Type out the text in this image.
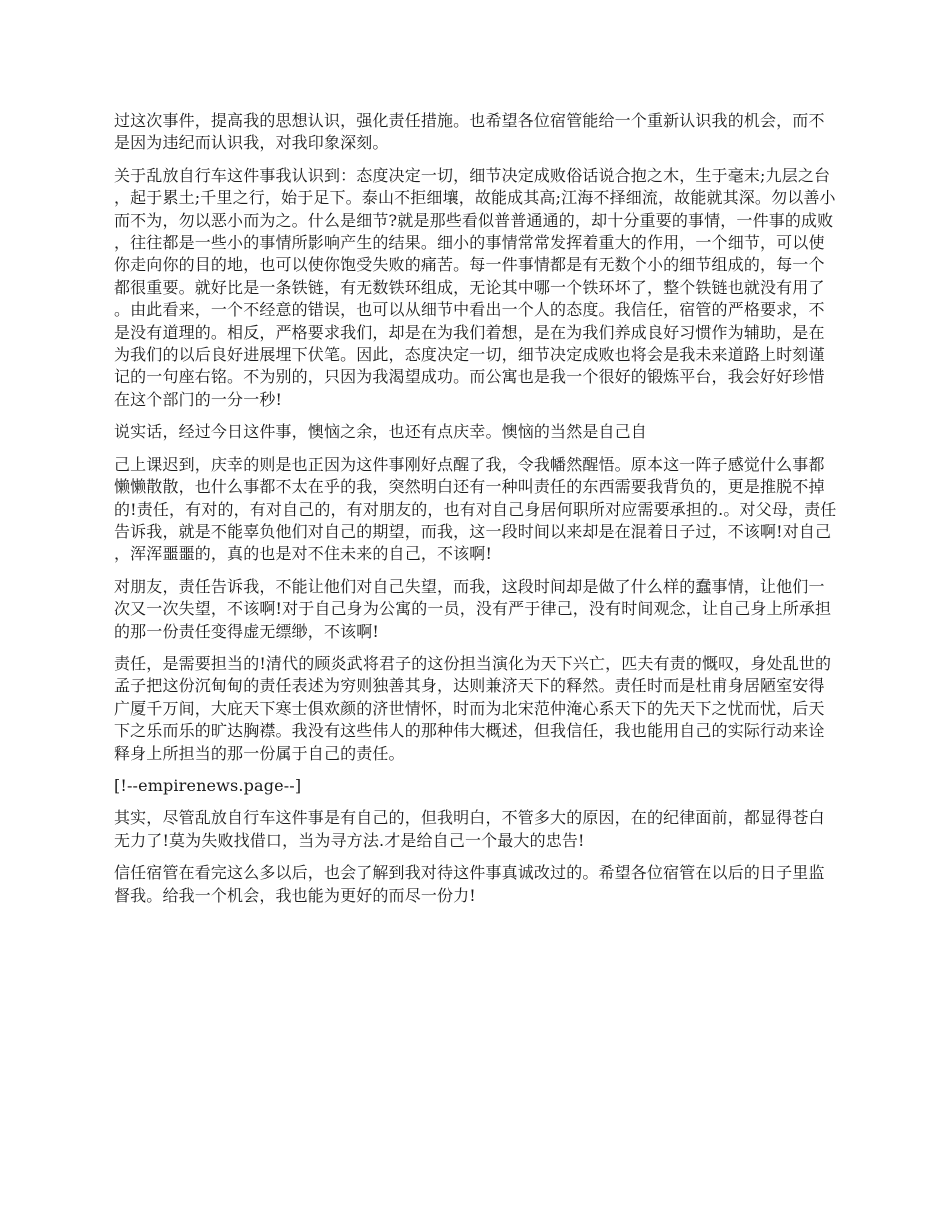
过这次事件，提高我的思想认识，强化责任措施。也希望各位宿管能给一个重新认识我的机会，而不是因为违纪而认识我，对我印象深刻。

关于乱放自行车这件事我认识到：态度决定一切，细节决定成败俗话说合抱之木，生于毫末;九层之台，起于累土;千里之行，始于足下。泰山不拒细壤，故能成其高;江海不择细流，故能就其深。勿以善小而不为，勿以恶小而为之。什么是细节?就是那些看似普普通通的，却十分重要的事情，一件事的成败，往往都是一些小的事情所影响产生的结果。细小的事情常常发挥着重大的作用，一个细节，可以使你走向你的目的地，也可以使你饱受失败的痛苦。每一件事情都是有无数个小的细节组成的，每一个都很重要。就好比是一条铁链，有无数铁环组成，无论其中哪一个铁环坏了，整个铁链也就没有用了。由此看来，一个不经意的错误，也可以从细节中看出一个人的态度。我信任，宿管的严格要求，不是没有道理的。相反，严格要求我们，却是在为我们着想，是在为我们养成良好习惯作为辅助，是在为我们的以后良好进展埋下伏笔。因此，态度决定一切，细节决定成败也将会是我未来道路上时刻谨记的一句座右铭。不为别的，只因为我渴望成功。而公寓也是我一个很好的锻炼平台，我会好好珍惜在这个部门的一分一秒!

说实话，经过今日这件事，懊恼之余，也还有点庆幸。懊恼的当然是自己自

己上课迟到，庆幸的则是也正因为这件事刚好点醒了我，令我幡然醒悟。原本这一阵子感觉什么事都懒懒散散，也什么事都不太在乎的我，突然明白还有一种叫责任的东西需要我背负的，更是推脱不掉的!责任，有对的，有对自己的，有对朋友的，也有对自己身居何职所对应需要承担的.。对父母，责任告诉我，就是不能辜负他们对自己的期望，而我，这一段时间以来却是在混着日子过，不该啊!对自己，浑浑噩噩的，真的也是对不住未来的自己，不该啊!

对朋友，责任告诉我，不能让他们对自己失望，而我，这段时间却是做了什么样的蠢事情，让他们一次又一次失望，不该啊!对于自己身为公寓的一员，没有严于律己，没有时间观念，让自己身上所承担的那一份责任变得虚无缥缈，不该啊!

责任，是需要担当的!清代的顾炎武将君子的这份担当演化为天下兴亡，匹夫有责的慨叹，身处乱世的孟子把这份沉甸甸的责任表述为穷则独善其身，达则兼济天下的释然。责任时而是杜甫身居陋室安得广厦千万间，大庇天下寒士俱欢颜的济世情怀，时而为北宋范仲淹心系天下的先天下之忧而忧，后天下之乐而乐的旷达胸襟。我没有这些伟人的那种伟大概述，但我信任，我也能用自己的实际行动来诠释身上所担当的那一份属于自己的责任。

[!--empirenews.page--]

其实，尽管乱放自行车这件事是有自己的，但我明白，不管多大的原因，在的纪律面前，都显得苍白无力了!莫为失败找借口，当为寻方法.才是给自己一个最大的忠告!

信任宿管在看完这么多以后，也会了解到我对待这件事真诚改过的。希望各位宿管在以后的日子里监督我。给我一个机会，我也能为更好的而尽一份力!
